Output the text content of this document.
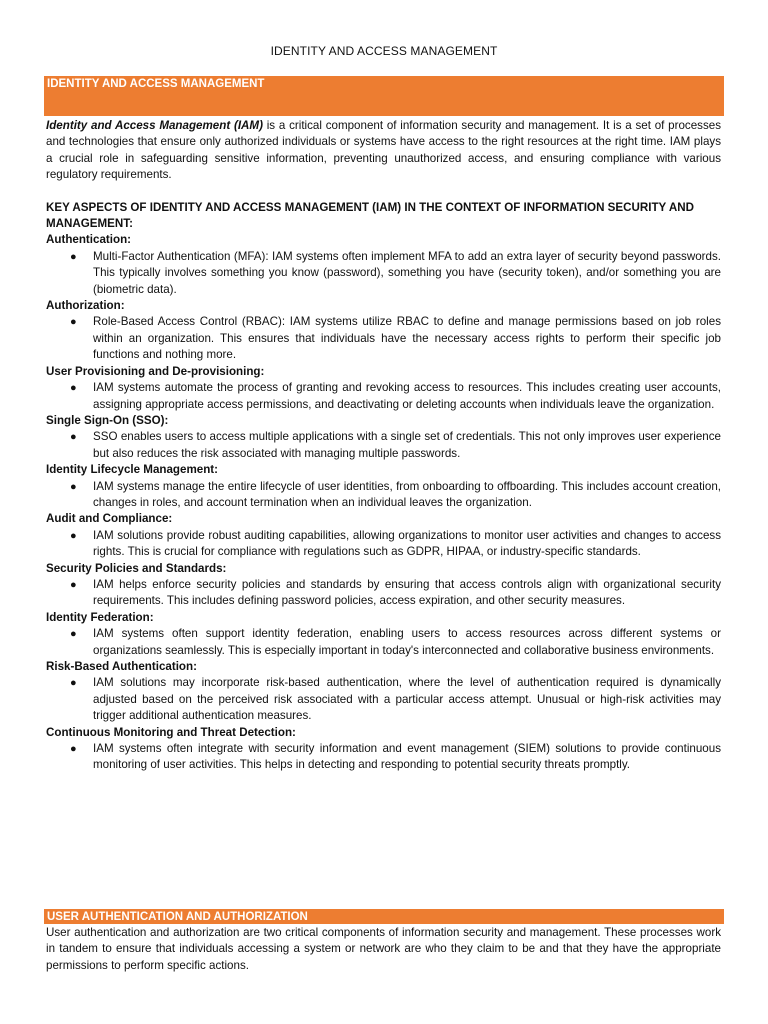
IDENTITY AND ACCESS MANAGEMENT
IDENTITY AND ACCESS MANAGEMENT

Identity and Access Management (IAM) is a critical component of information security and management. It is a set of processes and technologies that ensure only authorized individuals or systems have access to the right resources at the right time. IAM plays a crucial role in safeguarding sensitive information, preventing unauthorized access, and ensuring compliance with various regulatory requirements.

KEY ASPECTS OF IDENTITY AND ACCESS MANAGEMENT (IAM) IN THE CONTEXT OF INFORMATION SECURITY AND MANAGEMENT:

Authentication:
● Multi-Factor Authentication (MFA): IAM systems often implement MFA to add an extra layer of security beyond passwords. This typically involves something you know (password), something you have (security token), and/or something you are (biometric data).
Authorization:
● Role-Based Access Control (RBAC): IAM systems utilize RBAC to define and manage permissions based on job roles within an organization. This ensures that individuals have the necessary access rights to perform their specific job functions and nothing more.
User Provisioning and De-provisioning:
● IAM systems automate the process of granting and revoking access to resources. This includes creating user accounts, assigning appropriate access permissions, and deactivating or deleting accounts when individuals leave the organization.
Single Sign-On (SSO):
● SSO enables users to access multiple applications with a single set of credentials. This not only improves user experience but also reduces the risk associated with managing multiple passwords.
Identity Lifecycle Management:
● IAM systems manage the entire lifecycle of user identities, from onboarding to offboarding. This includes account creation, changes in roles, and account termination when an individual leaves the organization.
Audit and Compliance:
● IAM solutions provide robust auditing capabilities, allowing organizations to monitor user activities and changes to access rights. This is crucial for compliance with regulations such as GDPR, HIPAA, or industry-specific standards.
Security Policies and Standards:
● IAM helps enforce security policies and standards by ensuring that access controls align with organizational security requirements. This includes defining password policies, access expiration, and other security measures.
Identity Federation:
● IAM systems often support identity federation, enabling users to access resources across different systems or organizations seamlessly. This is especially important in today's interconnected and collaborative business environments.
Risk-Based Authentication:
● IAM solutions may incorporate risk-based authentication, where the level of authentication required is dynamically adjusted based on the perceived risk associated with a particular access attempt. Unusual or high-risk activities may trigger additional authentication measures.
Continuous Monitoring and Threat Detection:
● IAM systems often integrate with security information and event management (SIEM) solutions to provide continuous monitoring of user activities. This helps in detecting and responding to potential security threats promptly.
USER AUTHENTICATION AND AUTHORIZATION

User authentication and authorization are two critical components of information security and management. These processes work in tandem to ensure that individuals accessing a system or network are who they claim to be and that they have the appropriate permissions to perform specific actions.
